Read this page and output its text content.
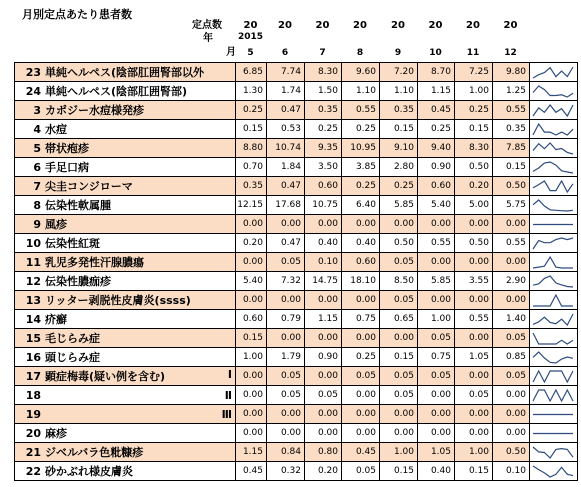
月別定点あたり患者数
定点数
年
月
20	20	20	20	20	20	20	20
2015
5	6	7	8	9	10	11	12
23 単純ヘルペス(陰部肛囲腎部以外	6.85	7.74	8.30	9.60	7.20	8.70	7.25	9.80	

24 単純ヘルペス(陰部肛囲腎部)	1.30	1.74	1.50	1.10	1.10	1.15	1.00	1.25	

3 カポジー水痘様発疹	0.25	0.47	0.35	0.55	0.35	0.45	0.25	0.55	

4 水痘	0.15	0.53	0.25	0.25	0.15	0.25	0.15	0.35	

5 帯状疱疹	8.80	10.74	9.35	10.95	9.10	9.40	8.30	7.85	

6 手足口病	0.70	1.84	3.50	3.85	2.80	0.90	0.50	0.15	

7 尖圭コンジローマ	0.35	0.47	0.60	0.25	0.25	0.60	0.20	0.50	

8 伝染性軟属腫	12.15	17.68	10.75	6.40	5.85	5.40	5.00	5.75	

9 風疹	0.00	0.00	0.00	0.00	0.00	0.00	0.00	0.00	

10 伝染性紅斑	0.20	0.47	0.40	0.40	0.50	0.55	0.50	0.55	

11 乳児多発性汗腺膿瘍	0.00	0.05	0.10	0.60	0.05	0.00	0.00	0.00	

12 伝染性膿痂疹	5.40	7.32	14.75	18.10	8.50	5.85	3.55	2.90	

13 リッター剥脱性皮膚炎(ssss)	0.00	0.00	0.00	0.00	0.05	0.00	0.00	0.00	

14 疥癬	0.60	0.79	1.15	0.75	0.65	1.00	0.55	1.40	

15 毛じらみ症	0.15	0.00	0.00	0.00	0.00	0.05	0.00	0.05	

16 頭じらみ症	1.00	1.79	0.90	0.25	0.15	0.75	1.05	0.85	

17 顕症梅毒(疑い例を含む) Ⅰ	0.00	0.05	0.00	0.05	0.05	0.05	0.00	0.05	

18 Ⅱ	0.00	0.05	0.05	0.00	0.05	0.00	0.05	0.00	

19 Ⅲ	0.00	0.00	0.00	0.00	0.00	0.00	0.00	0.00	

20 麻疹	0.00	0.00	0.00	0.00	0.00	0.00	0.00	0.00	

21 ジベルバラ色粃糠疹	1.15	0.84	0.80	0.45	1.00	1.05	1.00	0.50	

22 砂かぶれ様皮膚炎	0.45	0.32	0.20	0.05	0.15	0.40	0.15	0.10	
